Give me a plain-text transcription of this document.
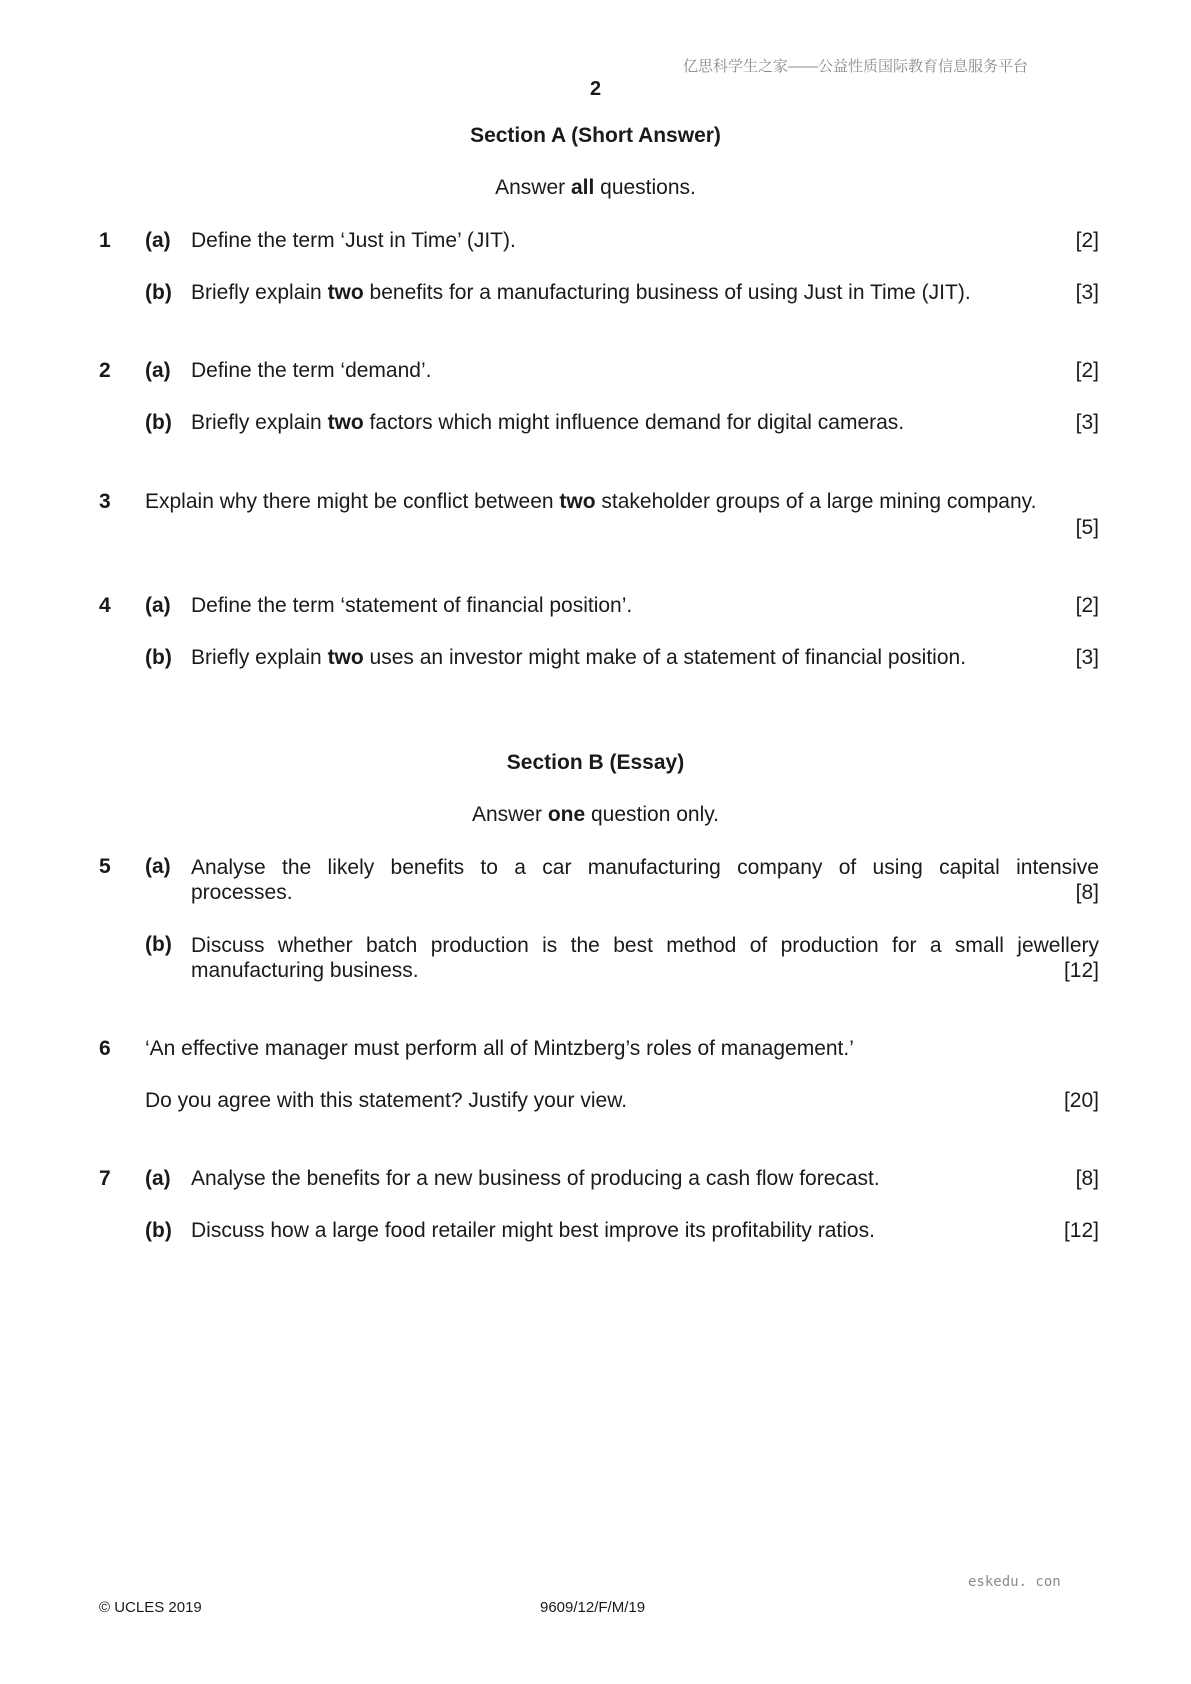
亿思科学生之家——公益性质国际教育信息服务平台
2
Section A (Short Answer)
Answer all questions.
1 (a) Define the term ‘Just in Time’ (JIT).	[2]
(b) Briefly explain two benefits for a manufacturing business of using Just in Time (JIT).	[3]
2 (a) Define the term ‘demand’.	[2]
(b) Briefly explain two factors which might influence demand for digital cameras.	[3]
3 Explain why there might be conflict between two stakeholder groups of a large mining company.
[5]
4 (a) Define the term ‘statement of financial position’.	[2]
(b) Briefly explain two uses an investor might make of a statement of financial position.	[3]
Section B (Essay)
Answer one question only.
5 (a) Analyse the likely benefits to a car manufacturing company of using capital intensive
processes.	[8]
(b) Discuss whether batch production is the best method of production for a small jewellery
manufacturing business.	[12]
6 ‘An effective manager must perform all of Mintzberg’s roles of management.’
Do you agree with this statement? Justify your view.	[20]
7 (a) Analyse the benefits for a new business of producing a cash flow forecast.	[8]
(b) Discuss how a large food retailer might best improve its profitability ratios.	[12]
eskedu. con
© UCLES 2019	9609/12/F/M/19
